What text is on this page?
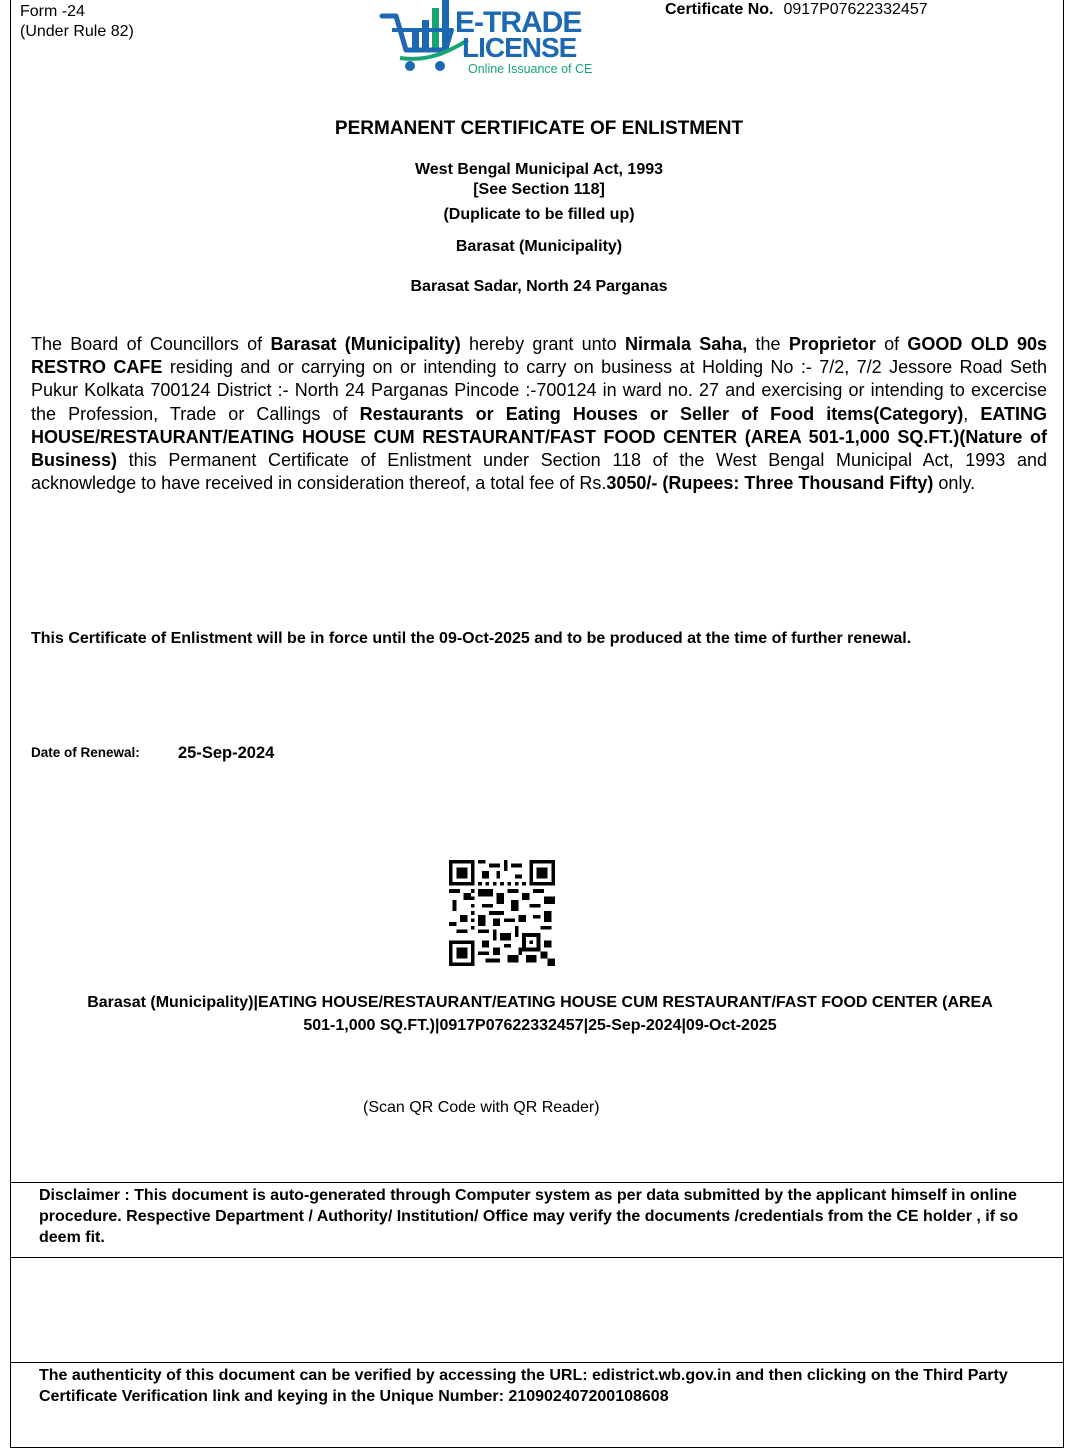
Form -24
(Under Rule 82)	E-TRADE
LICENSE
Online Issuance of CE
Certificate No. 0917P07622332457
PERMANENT CERTIFICATE OF ENLISTMENT
West Bengal Municipal Act, 1993
[See Section 118]
(Duplicate to be filled up)
Barasat (Municipality)
Barasat Sadar, North 24 Parganas
The Board of Councillors of Barasat (Municipality) hereby grant unto Nirmala Saha, the Proprietor of GOOD OLD 90s RESTRO CAFE residing and or carrying on or intending to carry on business at Holding No :- 7/2, 7/2 Jessore Road Seth Pukur Kolkata 700124 District :- North 24 Parganas Pincode :-700124 in ward no. 27 and exercising or intending to excercise the Profession, Trade or Callings of Restaurants or Eating Houses or Seller of Food items(Category), EATING HOUSE/RESTAURANT/EATING HOUSE CUM RESTAURANT/FAST FOOD CENTER (AREA 501-1,000 SQ.FT.)(Nature of Business) this Permanent Certificate of Enlistment under Section 118 of the West Bengal Municipal Act, 1993 and acknowledge to have received in consideration thereof, a total fee of Rs.3050/- (Rupees: Three Thousand Fifty) only.
This Certificate of Enlistment will be in force until the 09-Oct-2025 and to be produced at the time of further renewal.
Date of Renewal: 25-Sep-2024
Barasat (Municipality)|EATING HOUSE/RESTAURANT/EATING HOUSE CUM RESTAURANT/FAST FOOD CENTER (AREA
501-1,000 SQ.FT.)|0917P07622332457|25-Sep-2024|09-Oct-2025
(Scan QR Code with QR Reader)
Disclaimer : This document is auto-generated through Computer system as per data submitted by the applicant himself in online procedure. Respective Department / Authority/ Institution/ Office may verify the documents /credentials from the CE holder , if so deem fit.
The authenticity of this document can be verified by accessing the URL: edistrict.wb.gov.in and then clicking on the Third Party Certificate Verification link and keying in the Unique Number: 210902407200108608
